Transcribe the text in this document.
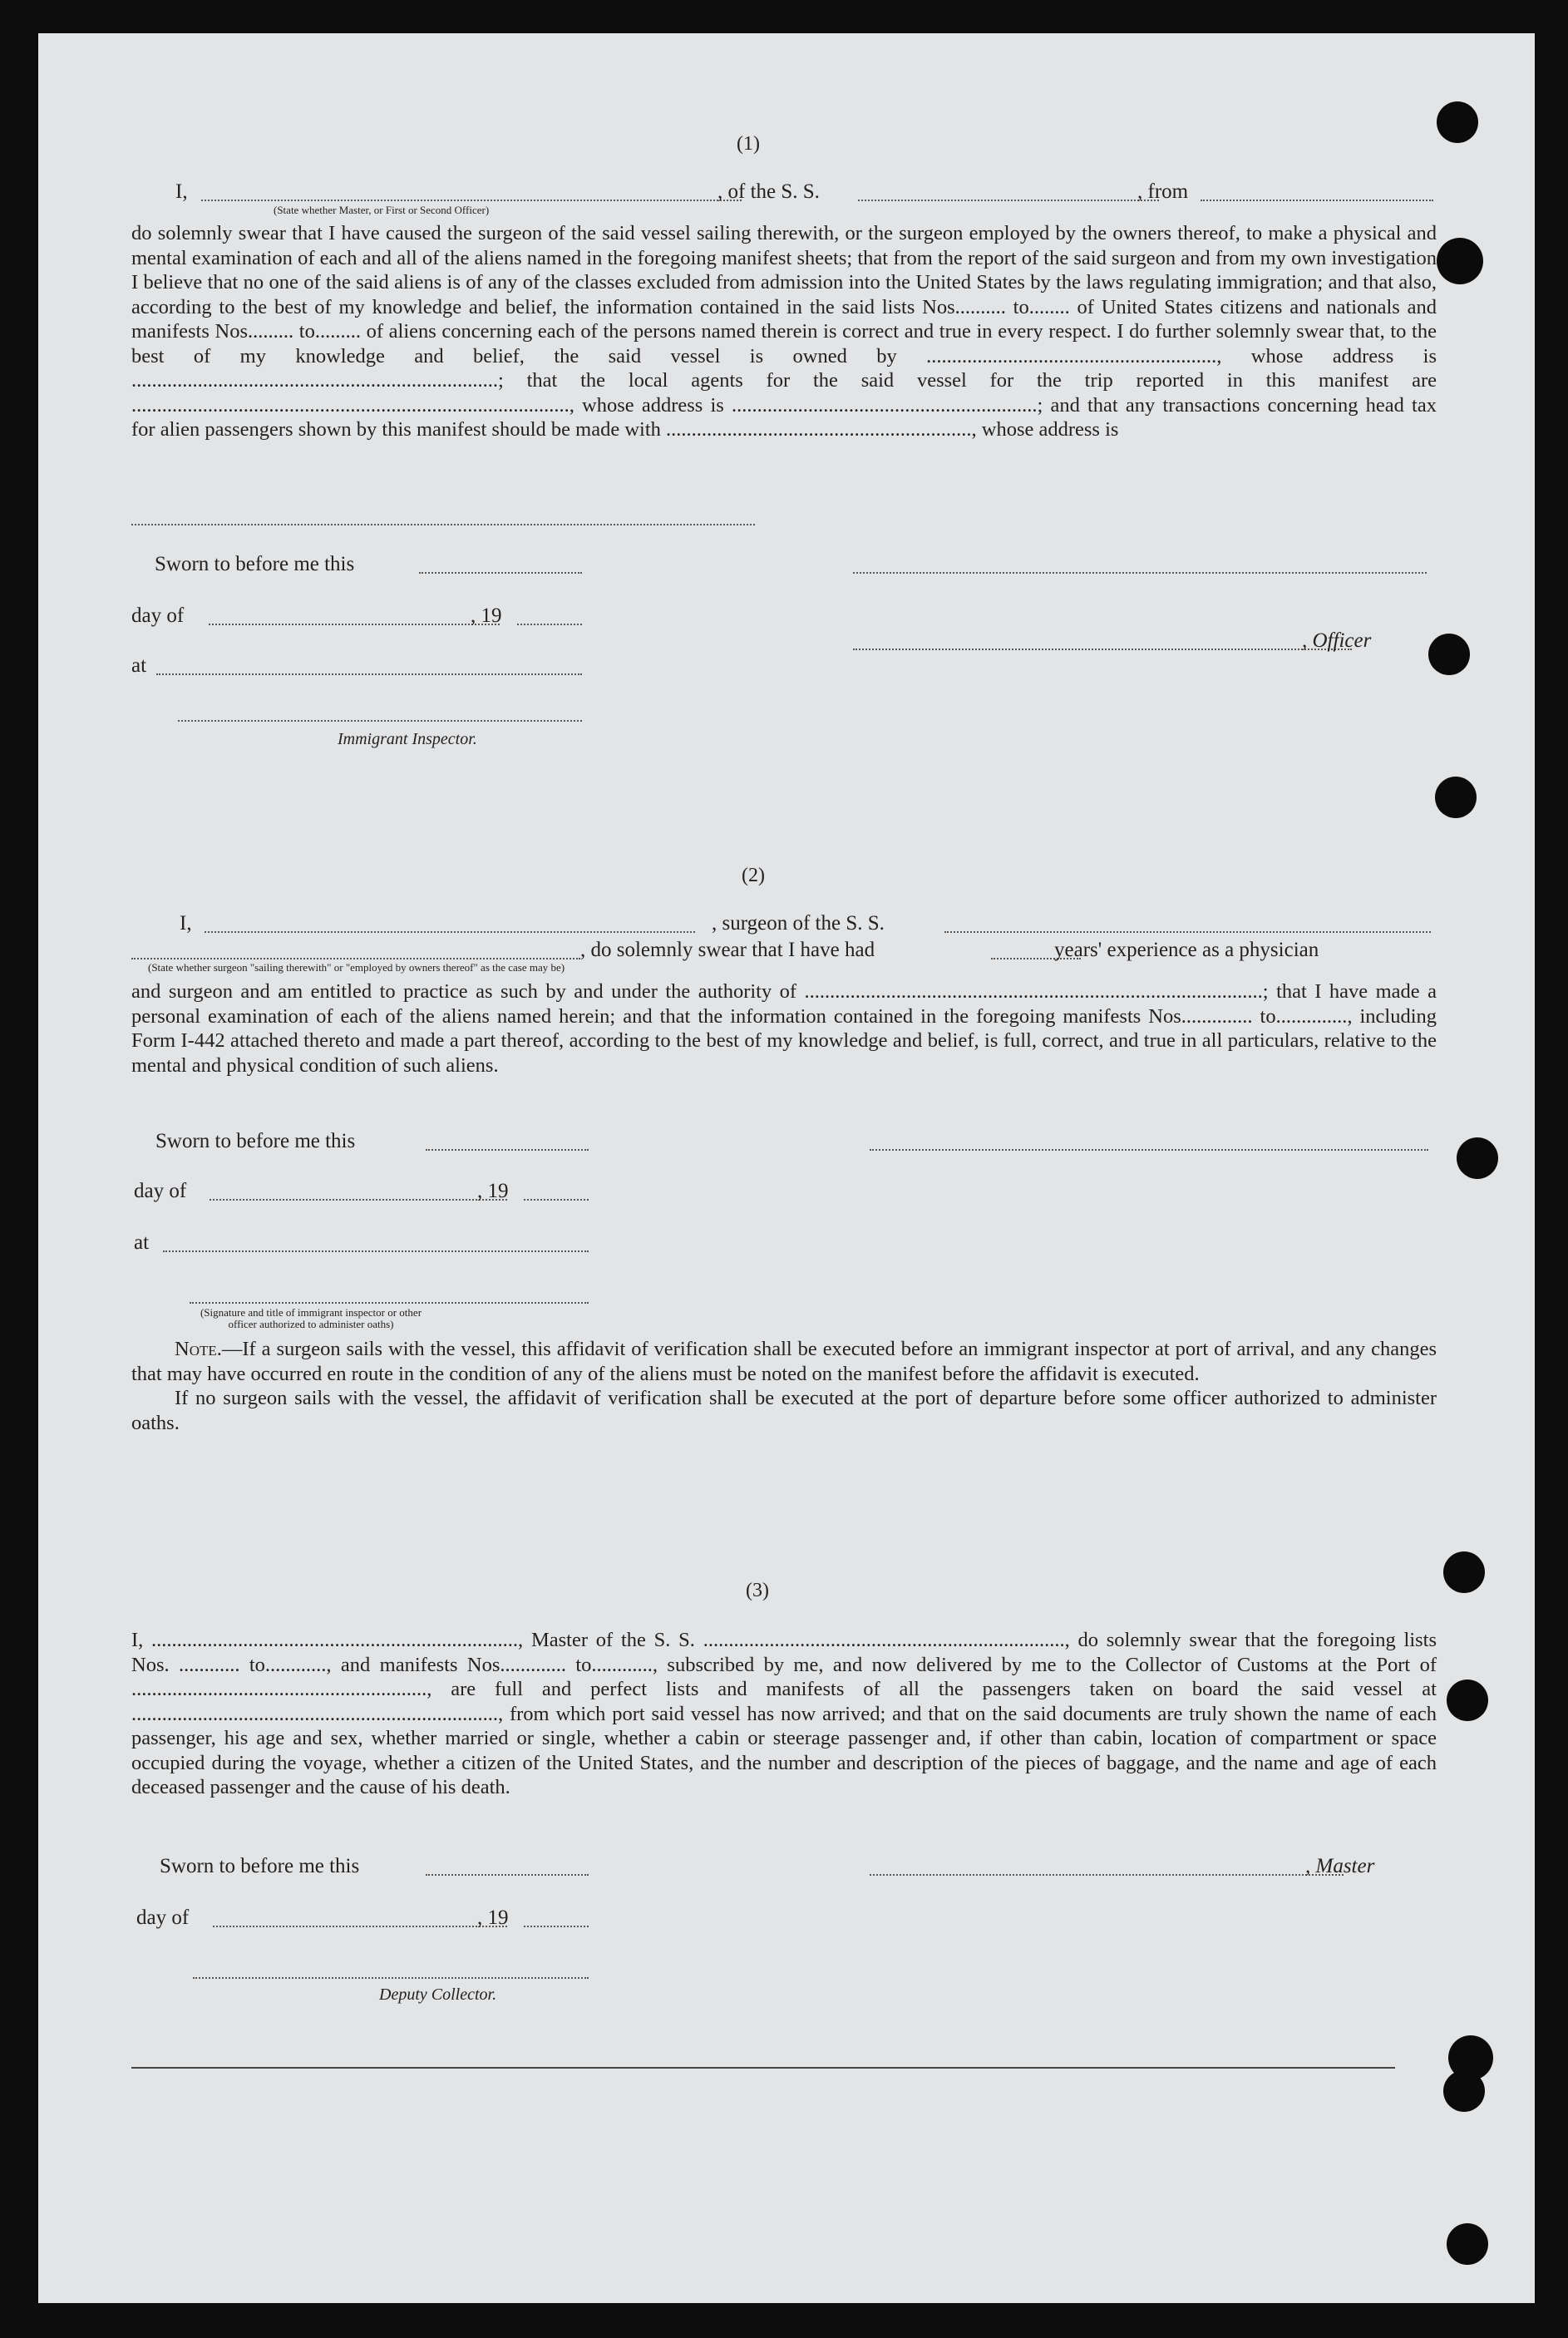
(1)
I,	, of the S. S.	, from
(State whether Master, or First or Second Officer)
do solemnly swear that I have caused the surgeon of the said vessel sailing therewith, or the surgeon employed by the owners thereof, to make a physical and mental examination of each and all of the aliens named in the foregoing manifest sheets; that from the report of the said surgeon and from my own investigation I believe that no one of the said aliens is of any of the classes excluded from admission into the United States by the laws regulating immigration; and that also, according to the best of my knowledge and belief, the information contained in the said lists Nos.......... to........ of United States citizens and nationals and manifests Nos......... to......... of aliens concerning each of the persons named therein is correct and true in every respect. I do further solemnly swear that, to the best of my knowledge and belief, the said vessel is owned by ........................................................., whose address is ........................................................................; that the local agents for the said vessel for the trip reported in this manifest are ......................................................................................, whose address is ............................................................; and that any transactions concerning head tax for alien passengers shown by this manifest should be made with ............................................................, whose address is
Sworn to before me this
day of	, 19
at
Immigrant Inspector.
, Officer
(2)
I,	, surgeon of the S. S.
, do solemnly swear that I have had	years' experience as a physician
(State whether surgeon "sailing therewith" or "employed by owners thereof" as the case may be)
and surgeon and am entitled to practice as such by and under the authority of ..........................................................................................; that I have made a personal examination of each of the aliens named herein; and that the information contained in the foregoing manifests Nos.............. to.............., including Form I-442 attached thereto and made a part thereof, according to the best of my knowledge and belief, is full, correct, and true in all particulars, relative to the mental and physical condition of such aliens.
Sworn to before me this
day of	, 19
at
(Signature and title of immigrant inspector or other officer authorized to administer oaths)

Note.—If a surgeon sails with the vessel, this affidavit of verification shall be executed before an immigrant inspector at port of arrival, and any changes that may have occurred en route in the condition of any of the aliens must be noted on the manifest before the affidavit is executed.

If no surgeon sails with the vessel, the affidavit of verification shall be executed at the port of departure before some officer authorized to administer oaths.

(3)
I, ........................................................................, Master of the S. S. ......................................................................., do solemnly swear that the foregoing lists Nos. ............ to............, and manifests Nos............. to............, subscribed by me, and now delivered by me to the Collector of Customs at the Port of .........................................................., are full and perfect lists and manifests of all the passengers taken on board the said vessel at ........................................................................, from which port said vessel has now arrived; and that on the said documents are truly shown the name of each passenger, his age and sex, whether married or single, whether a cabin or steerage passenger and, if other than cabin, location of compartment or space occupied during the voyage, whether a citizen of the United States, and the number and description of the pieces of baggage, and the name and age of each deceased passenger and the cause of his death.
Sworn to before me this
day of	, 19
Deputy Collector.
, Master
